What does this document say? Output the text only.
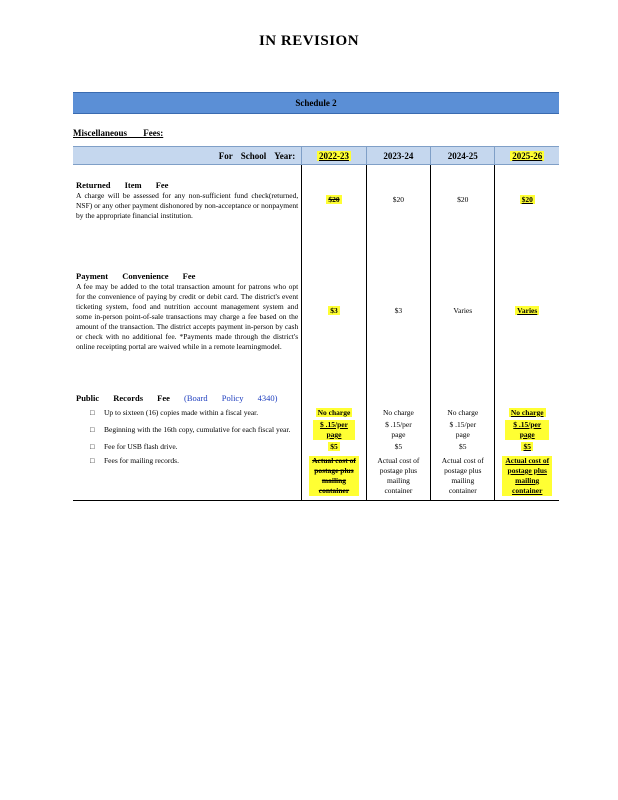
IN REVISION
Schedule 2
Miscellaneous Fees:
For School Year:	2022-23	2023-24	2024-25	2025-26

Returned Item Fee
A charge will be assessed for any non-sufficient fund check(returned, NSF) or any other payment dishonored by non-acceptance or nonpayment by the appropriate financial institution.	$20	$20	$20	$20

Payment Convenience Fee
A fee may be added to the total transaction amount for patrons who opt for the convenience of paying by credit or debit card. The district's event ticketing system, food and nutrition account management system and some in-person point-of-sale transactions may charge a fee based on the amount of the transaction. The district accepts payment in-person by cash or check with no additional fee. *Payments made through the district's online receipting portal are waived while in a remote learningmodel.	$3	$3	Varies	Varies

Public Records Fee (Board Policy 4340)				

□ Up to sixteen (16) copies made within a fiscal year.	No charge	No charge	No charge	No charge

□ Beginning with the 16th copy, cumulative for each fiscal year.	$ .15/per page	$ .15/per page	$ .15/per page	$ .15/per page

□ Fee for USB flash drive.	$5	$5	$5	$5

□ Fees for mailing records.	Actual cost of postage plus mailing container	Actual cost of postage plus mailing container	Actual cost of postage plus mailing container	Actual cost of postage plus mailing container
